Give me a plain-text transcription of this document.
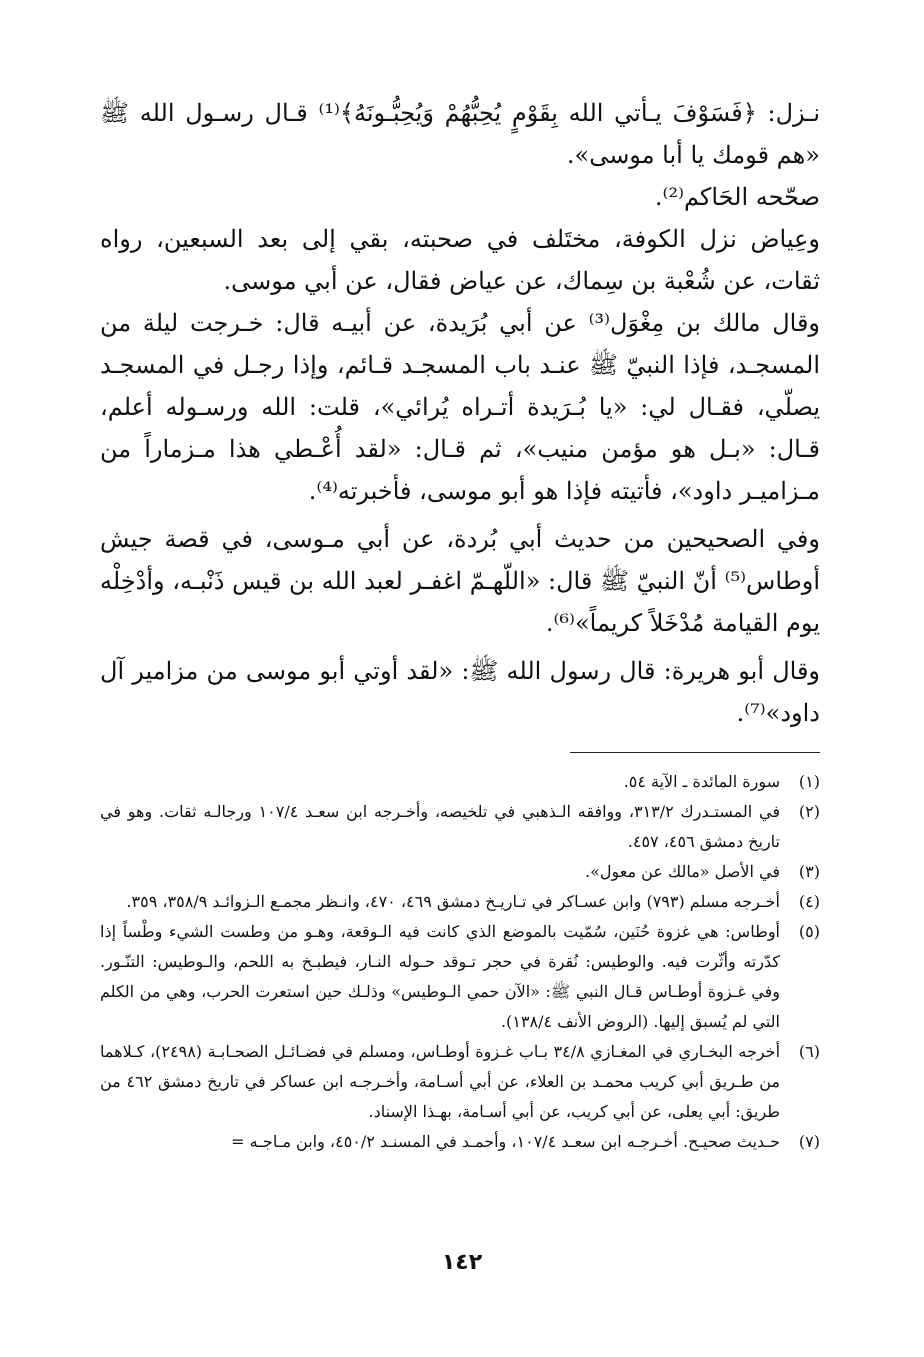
نـزل: ﴿فَسَوْفَ يـأتي الله بِقَوْمٍ يُحِبُّهُمْ وَيُحِبُّـونَهُ﴾⁽¹⁾ قـال رسـول الله ﷺ «هم قومك يا أبا موسى».

صحّحه الحَاكم⁽²⁾.

وعِياض نزل الكوفة، مختَلف في صحبته، بقي إلى بعد السبعين، رواه ثقات، عن شُعْبة بن سِماك، عن عياض فقال، عن أبي موسى.

وقال مالك بن مِغْوَل⁽³⁾ عن أبي بُرَيدة، عن أبيـه قال: خـرجت ليلة من المسجـد، فإذا النبيّ ﷺ عنـد باب المسجـد قـائم، وإذا رجـل في المسجـد يصلّي، فقـال لي: «يا بُـرَيدة أتـراه يُرائي»، قلت: الله ورسـوله أعلم، قـال: «بـل هو مؤمن منيب»، ثم قـال: «لقد أُعْـطي هذا مـزماراً من مـزاميـر داود»، فأتيته فإذا هو أبو موسى، فأخبرته⁽⁴⁾.

وفي الصحيحين من حديث أبي بُردة، عن أبي مـوسى، في قصة جيش أوطاس⁽⁵⁾ أنّ النبيّ ﷺ قال: «اللّهـمّ اغفـر لعبد الله بن قيس ذَنْبـه، وأدْخِلْه يوم القيامة مُدْخَلاً كريماً»⁽⁶⁾.

وقال أبو هريرة: قال رسول الله ﷺ: «لقد أوتي أبو موسى من مزامير آل داود»⁽⁷⁾.

(١)
سورة المائدة ـ الآية ٥٤.
(٢)
في المستـدرك ٣١٣/٢، ووافقه الـذهبي في تلخيصه، وأخـرجه ابن سعـد ١٠٧/٤ ورجالـه ثقات. وهو في تاريخ دمشق ٤٥٦، ٤٥٧.
(٣)
في الأصل «مالك عن معول».
(٤)
أخـرجه مسلم (٧٩٣) وابن عسـاكر في تـاريـخ دمشق ٤٦٩، ٤٧٠، وانـظر مجمـع الـزوائـد ٣٥٨/٩، ٣٥٩.
(٥)
أوطاس: هي غزوة حُنَين، سُمّيت بالموضع الذي كانت فيه الـوقعة، وهـو من وطست الشيء وطْساً إذا كدّرته وأثّرت فيه. والوطيس: نُقرة في حجر تـوقد حـوله النـار، فيطبـخ به اللحم، والـوطيس: التنّـور. وفي غـزوة أوطـاس قـال النبي ﷺ: «الآن حمي الـوطيس» وذلـك حين استعرت الحرب، وهي من الكلم التي لم يُسبق إليها. (الروض الأنف ١٣٨/٤).
(٦)
أخرجه البخـاري في المغـازي ٣٤/٨ بـاب غـزوة أوطـاس، ومسلم في فضـائـل الصحـابـة (٢٤٩٨)، كـلاهما من طـريق أبي كريب محمـد بن العلاء، عن أبي أسـامة، وأخـرجـه ابن عساكر في تاريخ دمشق ٤٦٢ من طريق: أبي يعلى، عن أبي كريب، عن أبي أسـامة، بهـذا الإسناد.
(٧)
حـديث صحيـح. أخـرجـه ابن سعـد ١٠٧/٤، وأحمـد في المسنـد ٤٥٠/٢، وابن مـاجـه =
١٤٢
